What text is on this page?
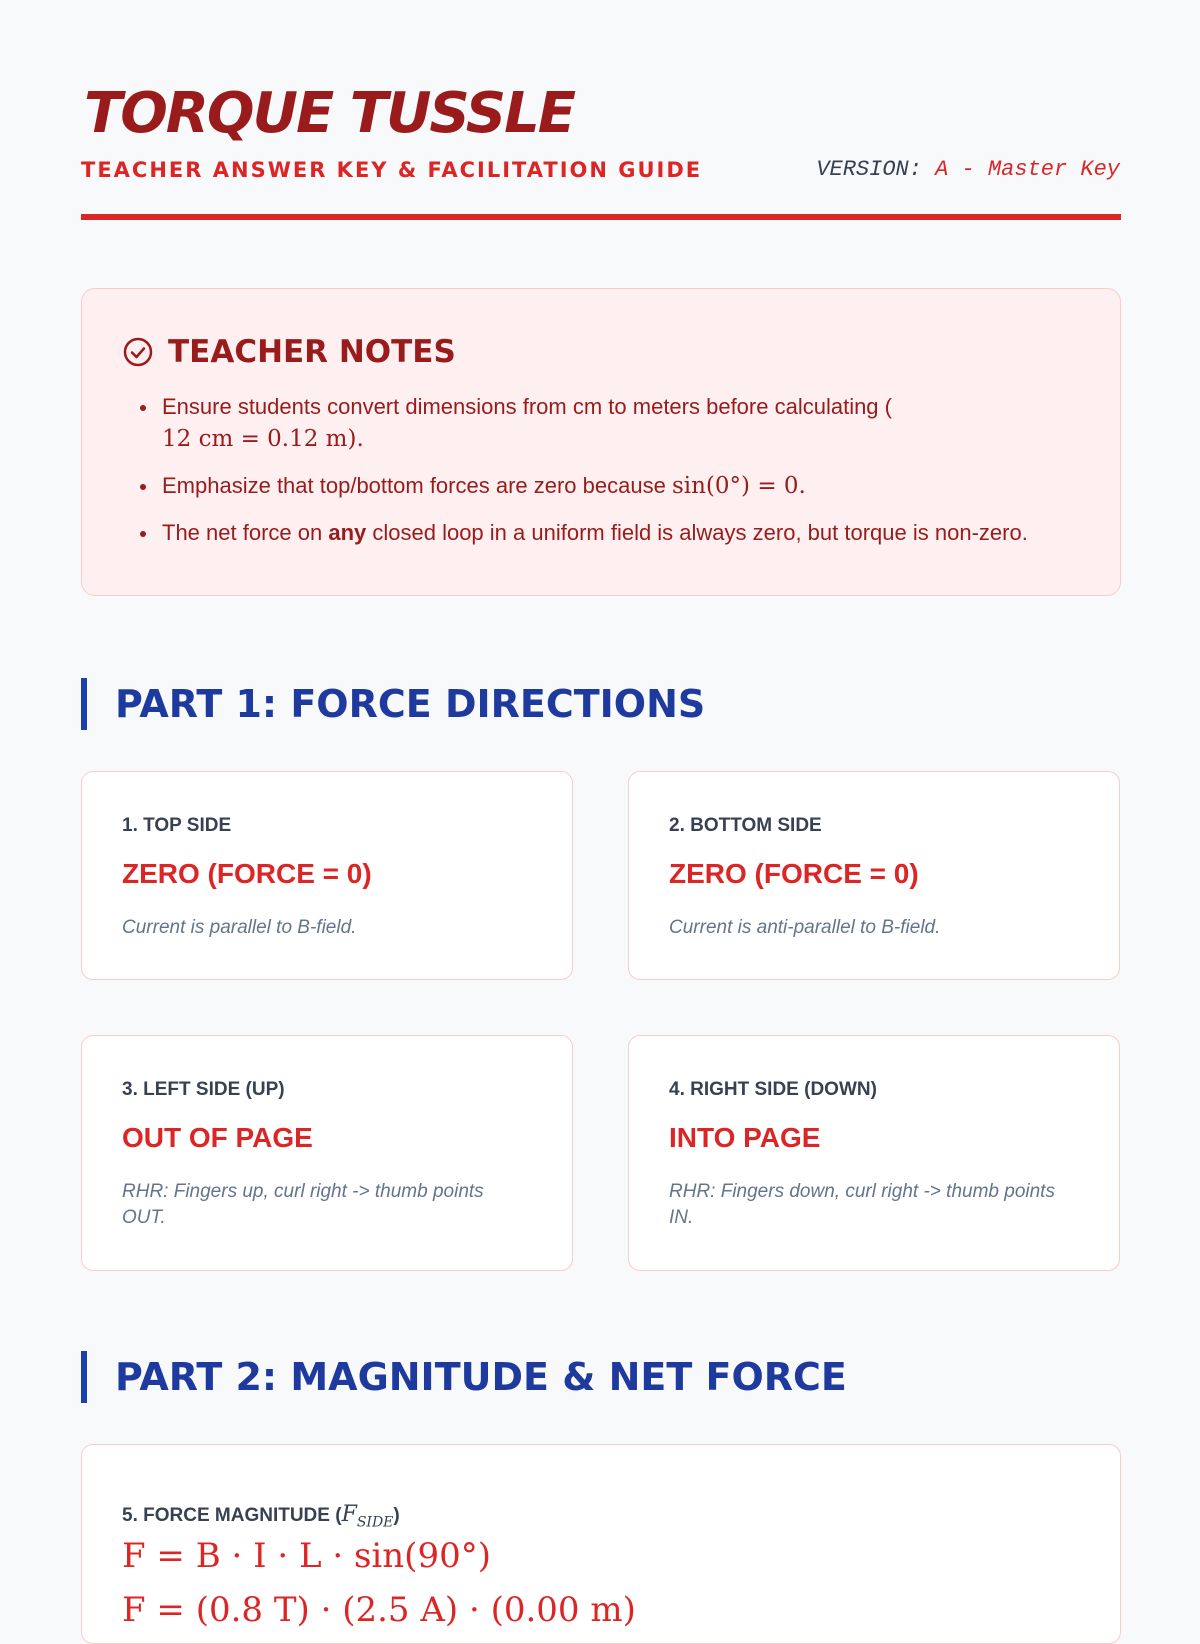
TORQUE TUSSLE
TEACHER ANSWER KEY & FACILITATION GUIDE	VERSION: A - Master Key
TEACHER NOTES
Ensure students convert dimensions from cm to meters before calculating (
12 cm = 0.12 m).
Emphasize that top/bottom forces are zero because sin(0°) = 0.
The net force on any closed loop in a uniform field is always zero, but torque is non-zero.
PART 1: FORCE DIRECTIONS
1. TOP SIDE
ZERO (FORCE = 0)
Current is parallel to B-field.
2. BOTTOM SIDE
ZERO (FORCE = 0)
Current is anti-parallel to B-field.
3. LEFT SIDE (UP)
OUT OF PAGE
RHR: Fingers up, curl right -> thumb points OUT.
4. RIGHT SIDE (DOWN)
INTO PAGE
RHR: Fingers down, curl right -> thumb points IN.
PART 2: MAGNITUDE & NET FORCE
5. FORCE MAGNITUDE $(F_{SIDE})$
F = B · I · L · sin(90°)
F = (0.8 T) · (2.5 A) · (0.00 m)
